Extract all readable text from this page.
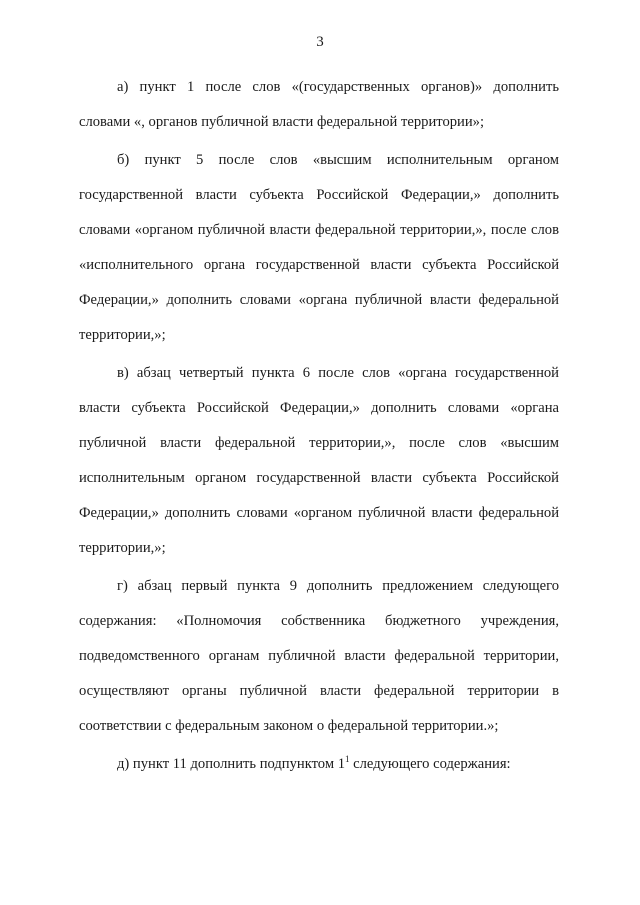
3

а) пункт 1 после слов «(государственных органов)» дополнить словами «, органов публичной власти федеральной территории»;

б) пункт 5 после слов «высшим исполнительным органом государственной власти субъекта Российской Федерации,» дополнить словами «органом публичной власти федеральной территории,», после слов «исполнительного органа государственной власти субъекта Российской Федерации,» дополнить словами «органа публичной власти федеральной территории,»;

в) абзац четвертый пункта 6 после слов «органа государственной власти субъекта Российской Федерации,» дополнить словами «органа публичной власти федеральной территории,», после слов «высшим исполнительным органом государственной власти субъекта Российской Федерации,» дополнить словами «органом публичной власти федеральной территории,»;

г) абзац первый пункта 9 дополнить предложением следующего содержания: «Полномочия собственника бюджетного учреждения, подведомственного органам публичной власти федеральной территории, осуществляют органы публичной власти федеральной территории в соответствии с федеральным законом о федеральной территории.»;

д) пункт 11 дополнить подпунктом $1^1$ следующего содержания:
